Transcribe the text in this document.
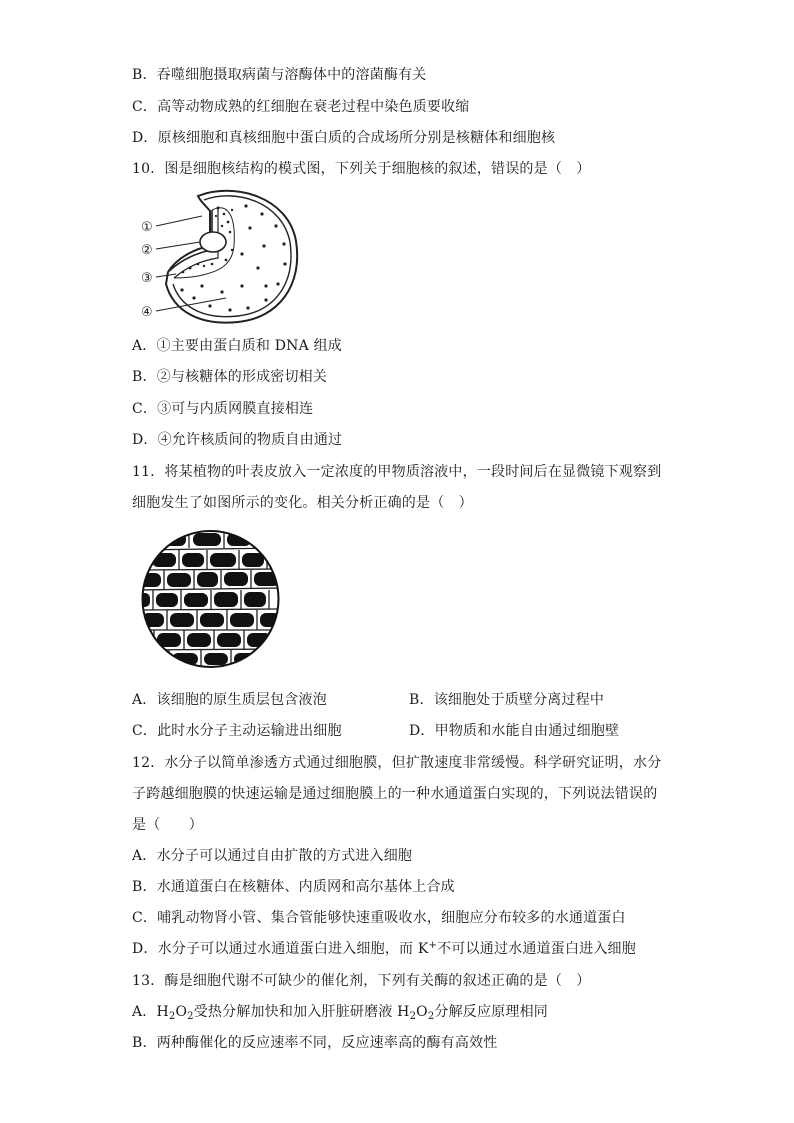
B．吞噬细胞摄取病菌与溶酶体中的溶菌酶有关
C．高等动物成熟的红细胞在衰老过程中染色质要收缩
D．原核细胞和真核细胞中蛋白质的合成场所分别是核糖体和细胞核
10．图是细胞核结构的模式图，下列关于细胞核的叙述，错误的是（　）
①
②
③
④
A．①主要由蛋白质和 DNA 组成
B．②与核糖体的形成密切相关
C．③可与内质网膜直接相连
D．④允许核质间的物质自由通过
11．将某植物的叶表皮放入一定浓度的甲物质溶液中，一段时间后在显微镜下观察到
细胞发生了如图所示的变化。相关分析正确的是（　）
A．该细胞的原生质层包含液泡	B．该细胞处于质壁分离过程中
C．此时水分子主动运输进出细胞	D．甲物质和水能自由通过细胞壁
12．水分子以简单渗透方式通过细胞膜，但扩散速度非常缓慢。科学研究证明，水分
子跨越细胞膜的快速运输是通过细胞膜上的一种水通道蛋白实现的，下列说法错误的
是（　　）
A．水分子可以通过自由扩散的方式进入细胞
B．水通道蛋白在核糖体、内质网和高尔基体上合成
C．哺乳动物肾小管、集合管能够快速重吸收水，细胞应分布较多的水通道蛋白
D．水分子可以通过水通道蛋白进入细胞，而 K+不可以通过水通道蛋白进入细胞
13．酶是细胞代谢不可缺少的催化剂，下列有关酶的叙述正确的是（　）
A．$H_2O_2$受热分解加快和加入肝脏研磨液 $H_2O_2$分解反应原理相同
B．两种酶催化的反应速率不同，反应速率高的酶有高效性
